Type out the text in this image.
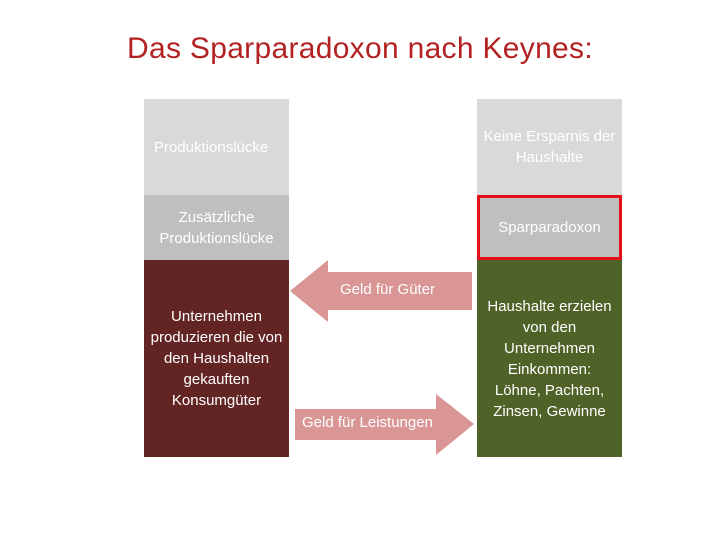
Das Sparparadoxon nach Keynes:
Produktionslücke
Zusätzliche Produktionslücke
Unternehmen produzieren die von den Haushalten gekauften Konsumgüter
Keine Ersparnis der Haushalte
Sparparadoxon
Haushalte erzielen von den Unternehmen Einkommen: Löhne, Pachten, Zinsen, Gewinne
Geld für Güter
Geld für Leistungen
